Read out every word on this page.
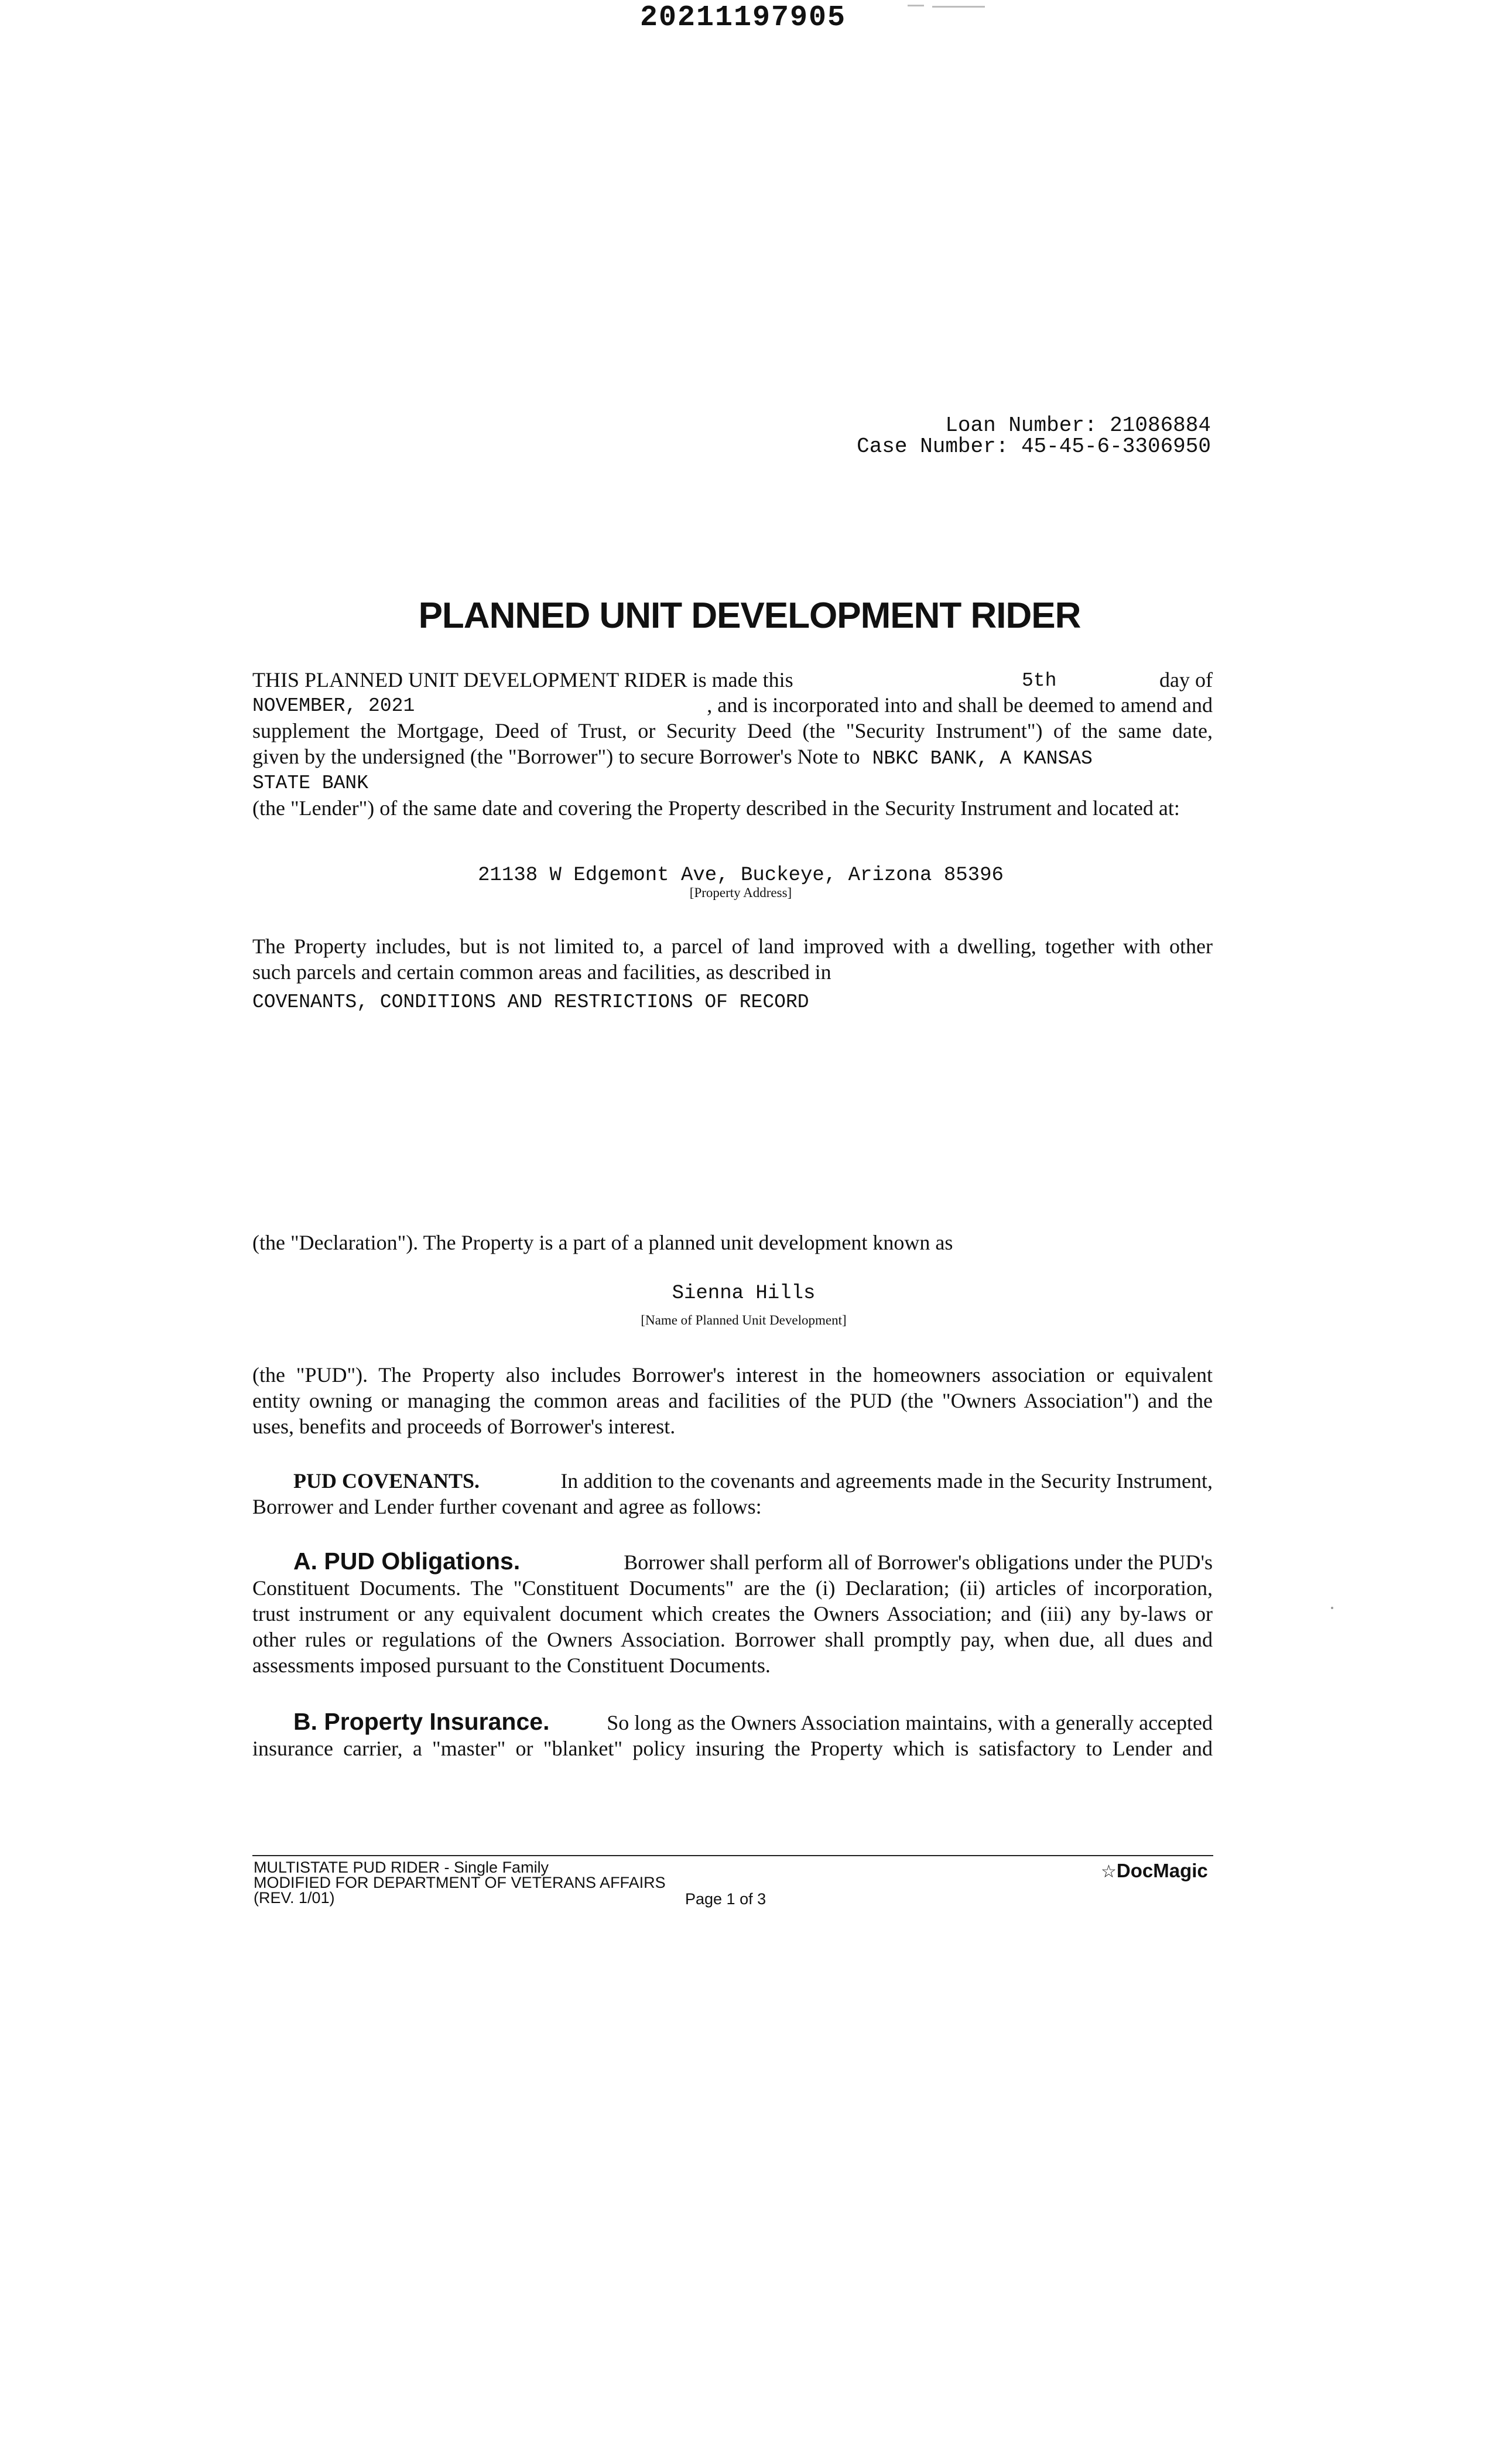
20211197905
Loan Number: 21086884
Case Number: 45-45-6-3306950
PLANNED UNIT DEVELOPMENT RIDER
THIS PLANNED UNIT DEVELOPMENT RIDER is made this	5th	day of
NOVEMBER, 2021	, and is incorporated into and shall be deemed to amend and
supplement the Mortgage, Deed of Trust, or Security Deed (the "Security Instrument") of the same date,
given by the undersigned (the "Borrower") to secure Borrower's Note to NBKC BANK, A KANSAS
STATE BANK
(the "Lender") of the same date and covering the Property described in the Security Instrument and located at:
21138 W Edgemont Ave, Buckeye, Arizona 85396
[Property Address]
The Property includes, but is not limited to, a parcel of land improved with a dwelling, together with other
such parcels and certain common areas and facilities, as described in
COVENANTS, CONDITIONS AND RESTRICTIONS OF RECORD
(the "Declaration"). The Property is a part of a planned unit development known as
Sienna Hills
[Name of Planned Unit Development]
(the "PUD"). The Property also includes Borrower's interest in the homeowners association or equivalent
entity owning or managing the common areas and facilities of the PUD (the "Owners Association") and the
uses, benefits and proceeds of Borrower's interest.
PUD COVENANTS.	In addition to the covenants and agreements made in the Security Instrument,
Borrower and Lender further covenant and agree as follows:
A. PUD Obligations.	Borrower shall perform all of Borrower's obligations under the PUD's
Constituent Documents. The "Constituent Documents" are the (i) Declaration; (ii) articles of incorporation,
trust instrument or any equivalent document which creates the Owners Association; and (iii) any by-laws or
other rules or regulations of the Owners Association. Borrower shall promptly pay, when due, all dues and
assessments imposed pursuant to the Constituent Documents.
B. Property Insurance.	So long as the Owners Association maintains, with a generally accepted
insurance carrier, a "master" or "blanket" policy insuring the Property which is satisfactory to Lender and
MULTISTATE PUD RIDER - Single Family
MODIFIED FOR DEPARTMENT OF VETERANS AFFAIRS
(REV. 1/01)	Page 1 of 3
☆DocMagic
